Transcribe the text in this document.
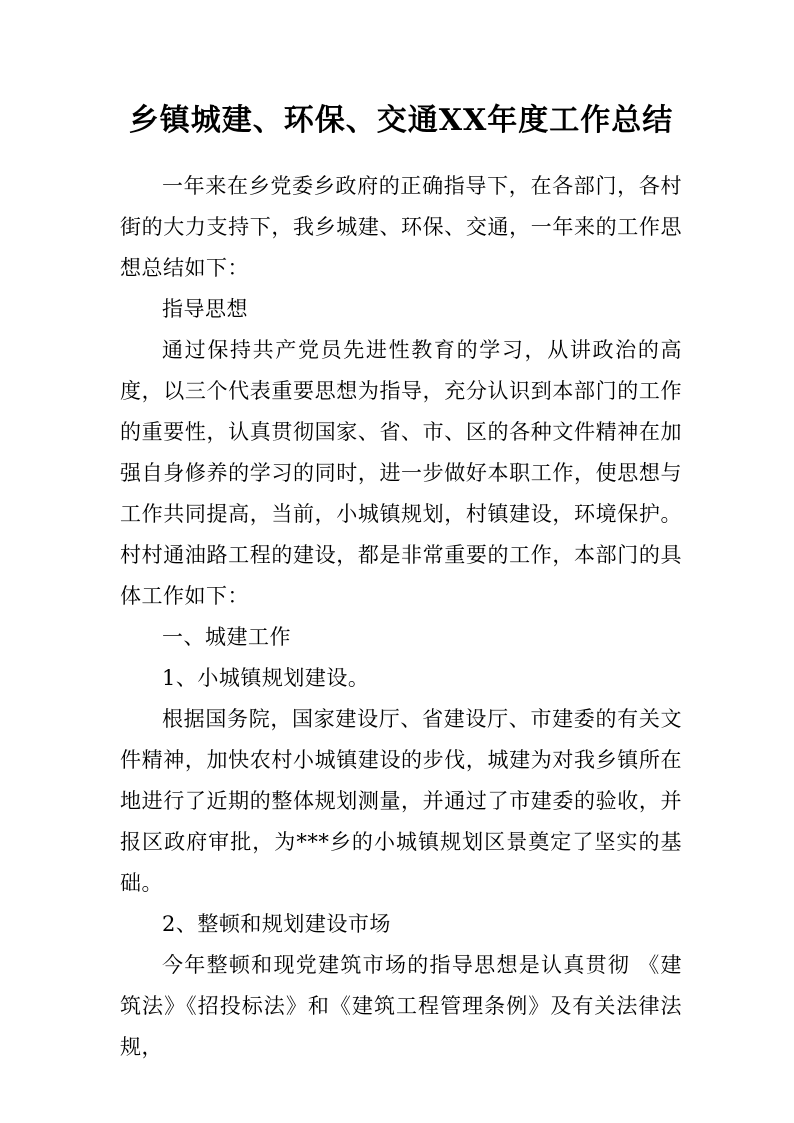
乡镇城建、环保、交通XX年度工作总结

一年来在乡党委乡政府的正确指导下，在各部门，各村街的大力支持下，我乡城建、环保、交通，一年来的工作思想总结如下：

指导思想

通过保持共产党员先进性教育的学习，从讲政治的高度，以三个代表重要思想为指导，充分认识到本部门的工作的重要性，认真贯彻国家、省、市、区的各种文件精神在加强自身修养的学习的同时，进一步做好本职工作，使思想与工作共同提高，当前，小城镇规划，村镇建设，环境保护。村村通油路工程的建设，都是非常重要的工作，本部门的具体工作如下：

一、城建工作

1、小城镇规划建设。

根据国务院，国家建设厅、省建设厅、市建委的有关文件精神，加快农村小城镇建设的步伐，城建为对我乡镇所在地进行了近期的整体规划测量，并通过了市建委的验收，并报区政府审批，为***乡的小城镇规划区景奠定了坚实的基础。

2、整顿和规划建设市场

今年整顿和现党建筑市场的指导思想是认真贯彻 《建筑法》《招投标法》和《建筑工程管理条例》及有关法律法规，
